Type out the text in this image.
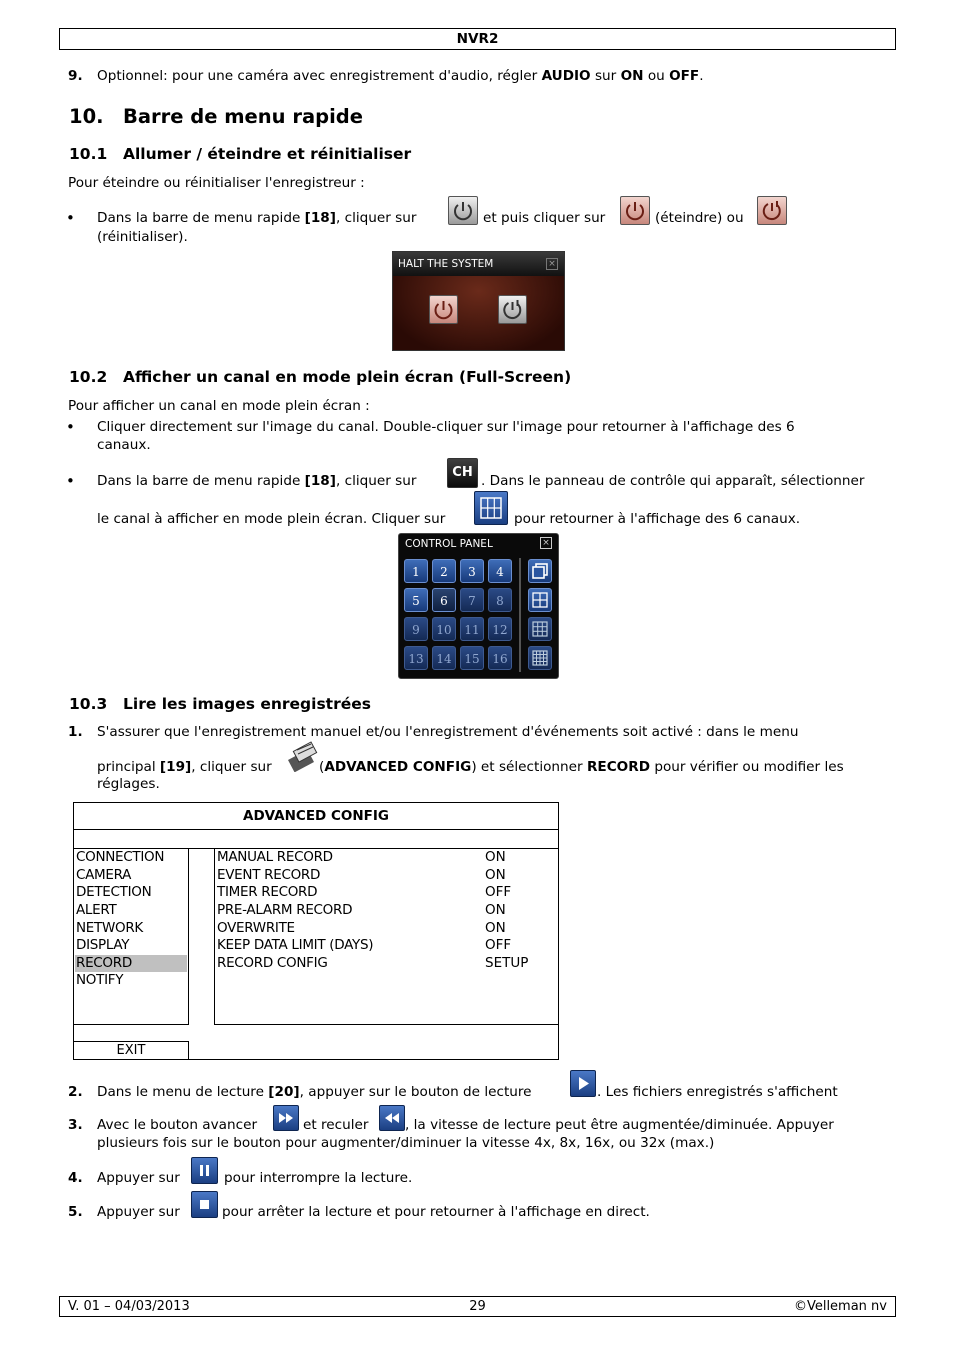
NVR2
9. Optionnel: pour une caméra avec enregistrement d'audio, régler AUDIO sur ON ou OFF.
10. Barre de menu rapide
10.1 Allumer / éteindre et réinitialiser
Pour éteindre ou réinitialiser l'enregistreur :
• Dans la barre de menu rapide [18], cliquer sur	et puis cliquer sur	(éteindre) ou
(réinitialiser).
HALT THE SYSTEM	×
10.2 Afficher un canal en mode plein écran (Full-Screen)
Pour afficher un canal en mode plein écran :
• Cliquer directement sur l'image du canal. Double-cliquer sur l'image pour retourner à l'affichage des 6
canaux.
• Dans la barre de menu rapide [18], cliquer sur
CH
. Dans le panneau de contrôle qui apparaît, sélectionner
le canal à afficher en mode plein écran. Cliquer sur	pour retourner à l'affichage des 6 canaux.
CONTROL PANEL	×
1	2	3	4
5	6	7	8
9	10	11	12
13	14	15	16
10.3 Lire les images enregistrées
1. S'assurer que l'enregistrement manuel et/ou l'enregistrement d'événements soit activé : dans le menu
principal [19], cliquer sur	(ADVANCED CONFIG) et sélectionner RECORD pour vérifier ou modifier les
réglages.
ADVANCED CONFIG
CONNECTION
CAMERA
DETECTION
ALERT
NETWORK
DISPLAY
RECORD
NOTIFY
MANUAL RECORD	ON
EVENT RECORD	ON
TIMER RECORD	OFF
PRE-ALARM RECORD	ON
OVERWRITE	ON
KEEP DATA LIMIT (DAYS)	OFF
RECORD CONFIG	SETUP
EXIT
2. Dans le menu de lecture [20], appuyer sur le bouton de lecture	. Les fichiers enregistrés s'affichent
3. Avec le bouton avancer	et reculer	, la vitesse de lecture peut être augmentée/diminuée. Appuyer
plusieurs fois sur le bouton pour augmenter/diminuer la vitesse 4x, 8x, 16x, ou 32x (max.)
4. Appuyer sur	pour interrompre la lecture.
5. Appuyer sur	pour arrêter la lecture et pour retourner à l'affichage en direct.
V. 01 – 04/03/2013	29	©Velleman nv
